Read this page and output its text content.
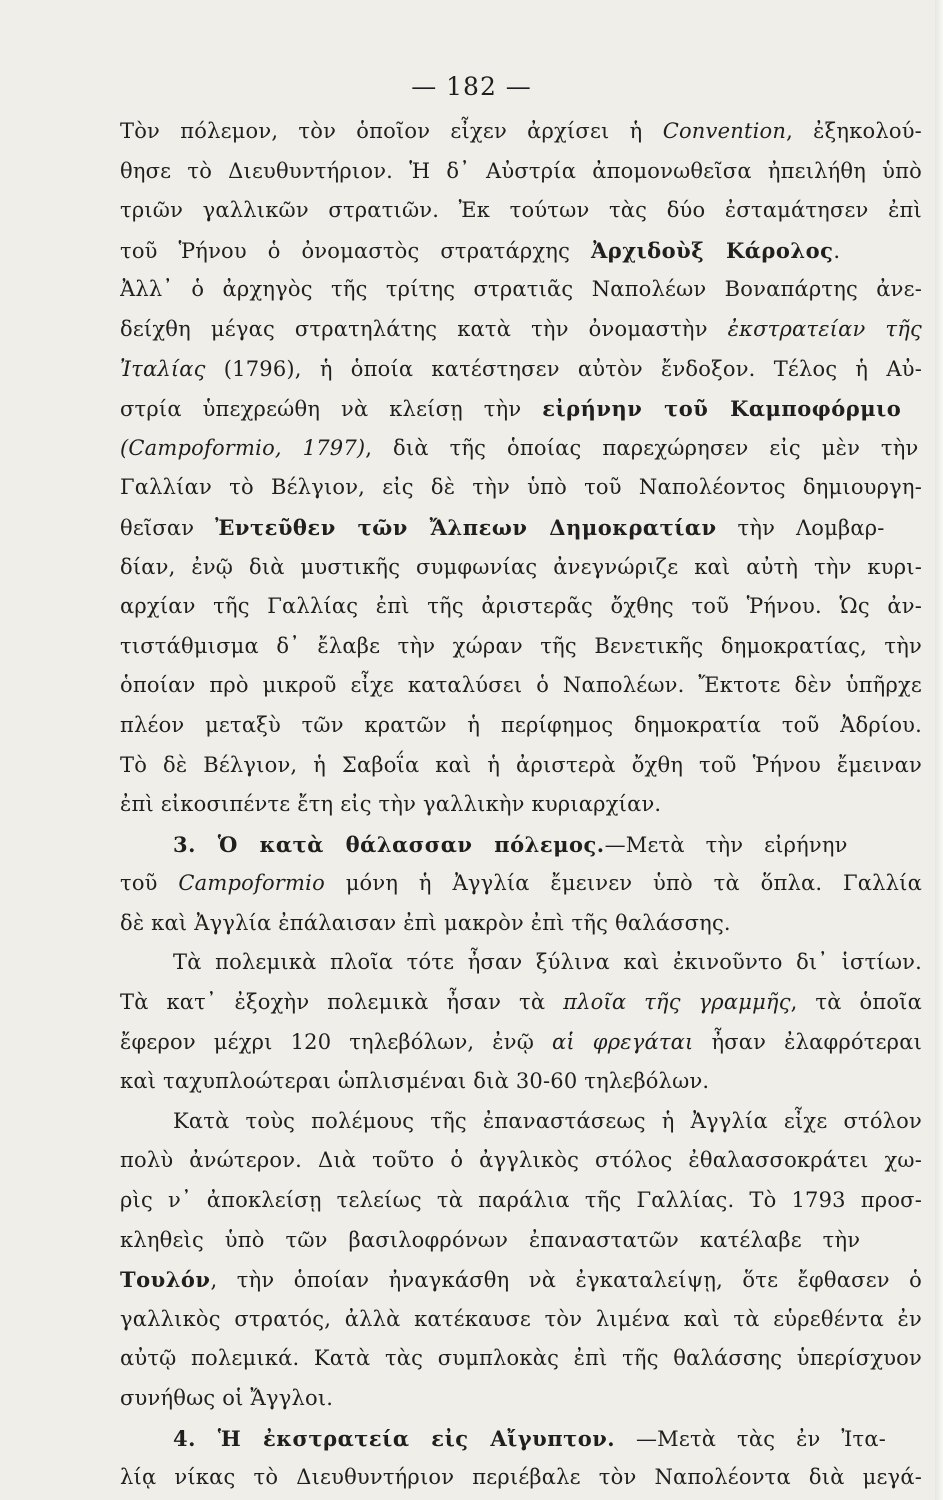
— 182 —
Τὸν πόλεμον, τὸν ὁποῖον εἶχεν ἀρχίσει ἡ Convention, ἐξηκολού-
θησε τὸ Διευθυντήριον. Ἡ δ᾽ Αὐστρία ἀπομονωθεῖσα ἠπειλήθη ὑπὸ
τριῶν γαλλικῶν στρατιῶν. Ἐκ τούτων τὰς δύο ἐσταμάτησεν ἐπὶ
τοῦ Ῥήνου ὁ ὀνομαστὸς στρατάρχης Ἀρχιδοὺξ Κάρολος.
Ἀλλ᾽ ὁ ἀρχηγὸς τῆς τρίτης στρατιᾶς Ναπολέων Βοναπάρτης ἀνε-
δείχθη μέγας στρατηλάτης κατὰ τὴν ὀνομαστὴν ἐκστρατείαν τῆς
Ἰταλίας (1796), ἡ ὁποία κατέστησεν αὐτὸν ἔνδοξον. Τέλος ἡ Αὐ-
στρία ὑπεχρεώθη νὰ κλείσῃ τὴν εἰρήνην τοῦ Καμποφόρμιο
(Campoformio, 1797), διὰ τῆς ὁποίας παρεχώρησεν εἰς μὲν τὴν
Γαλλίαν τὸ Βέλγιον, εἰς δὲ τὴν ὑπὸ τοῦ Ναπολέοντος δημιουργη-
θεῖσαν Ἐντεῦθεν τῶν Ἄλπεων Δημοκρατίαν τὴν Λομβαρ-
δίαν, ἐνῷ διὰ μυστικῆς συμφωνίας ἀνεγνώριζε καὶ αὐτὴ τὴν κυρι-
αρχίαν τῆς Γαλλίας ἐπὶ τῆς ἀριστερᾶς ὄχθης τοῦ Ῥήνου. Ὡς ἀν-
τιστάθμισμα δ᾽ ἔλαβε τὴν χώραν τῆς Βενετικῆς δημοκρατίας, τὴν
ὁποίαν πρὸ μικροῦ εἶχε καταλύσει ὁ Ναπολέων. Ἔκτοτε δὲν ὑπῆρχε
πλέον μεταξὺ τῶν κρατῶν ἡ περίφημος δημοκρατία τοῦ Ἀδρίου.
Τὸ δὲ Βέλγιον, ἡ Σαβοΐα καὶ ἡ ἀριστερὰ ὄχθη τοῦ Ῥήνου ἔμειναν
ἐπὶ εἰκοσιπέντε ἔτη εἰς τὴν γαλλικὴν κυριαρχίαν.
3. Ὁ κατὰ θάλασσαν πόλεμος.—Μετὰ τὴν εἰρήνην
τοῦ Campoformio μόνη ἡ Ἀγγλία ἔμεινεν ὑπὸ τὰ ὅπλα. Γαλλία
δὲ καὶ Ἀγγλία ἐπάλαισαν ἐπὶ μακρὸν ἐπὶ τῆς θαλάσσης.
Τὰ πολεμικὰ πλοῖα τότε ἦσαν ξύλινα καὶ ἐκινοῦντο δι᾽ ἱστίων.
Τὰ κατ᾽ ἐξοχὴν πολεμικὰ ἦσαν τὰ πλοῖα τῆς γραμμῆς, τὰ ὁποῖα
ἔφερον μέχρι 120 τηλεβόλων, ἐνῷ αἱ φρεγάται ἦσαν ἐλαφρότεραι
καὶ ταχυπλοώτεραι ὡπλισμέναι διὰ 30-60 τηλεβόλων.
Κατὰ τοὺς πολέμους τῆς ἐπαναστάσεως ἡ Ἀγγλία εἶχε στόλον
πολὺ ἀνώτερον. Διὰ τοῦτο ὁ ἀγγλικὸς στόλος ἐθαλασσοκράτει χω-
ρὶς ν᾽ ἀποκλείσῃ τελείως τὰ παράλια τῆς Γαλλίας. Τὸ 1793 προσ-
κληθεὶς ὑπὸ τῶν βασιλοφρόνων ἐπαναστατῶν κατέλαβε τὴν
Τουλόν, τὴν ὁποίαν ἠναγκάσθη νὰ ἐγκαταλείψῃ, ὅτε ἔφθασεν ὁ
γαλλικὸς στρατός, ἀλλὰ κατέκαυσε τὸν λιμένα καὶ τὰ εὑρεθέντα ἐν
αὐτῷ πολεμικά. Κατὰ τὰς συμπλοκὰς ἐπὶ τῆς θαλάσσης ὑπερίσχυον
συνήθως οἱ Ἄγγλοι.
4. Ἡ ἐκστρατεία εἰς Αἴγυπτον. —Μετὰ τὰς ἐν Ἰτα-
λίᾳ νίκας τὸ Διευθυντήριον περιέβαλε τὸν Ναπολέοντα διὰ μεγά-
